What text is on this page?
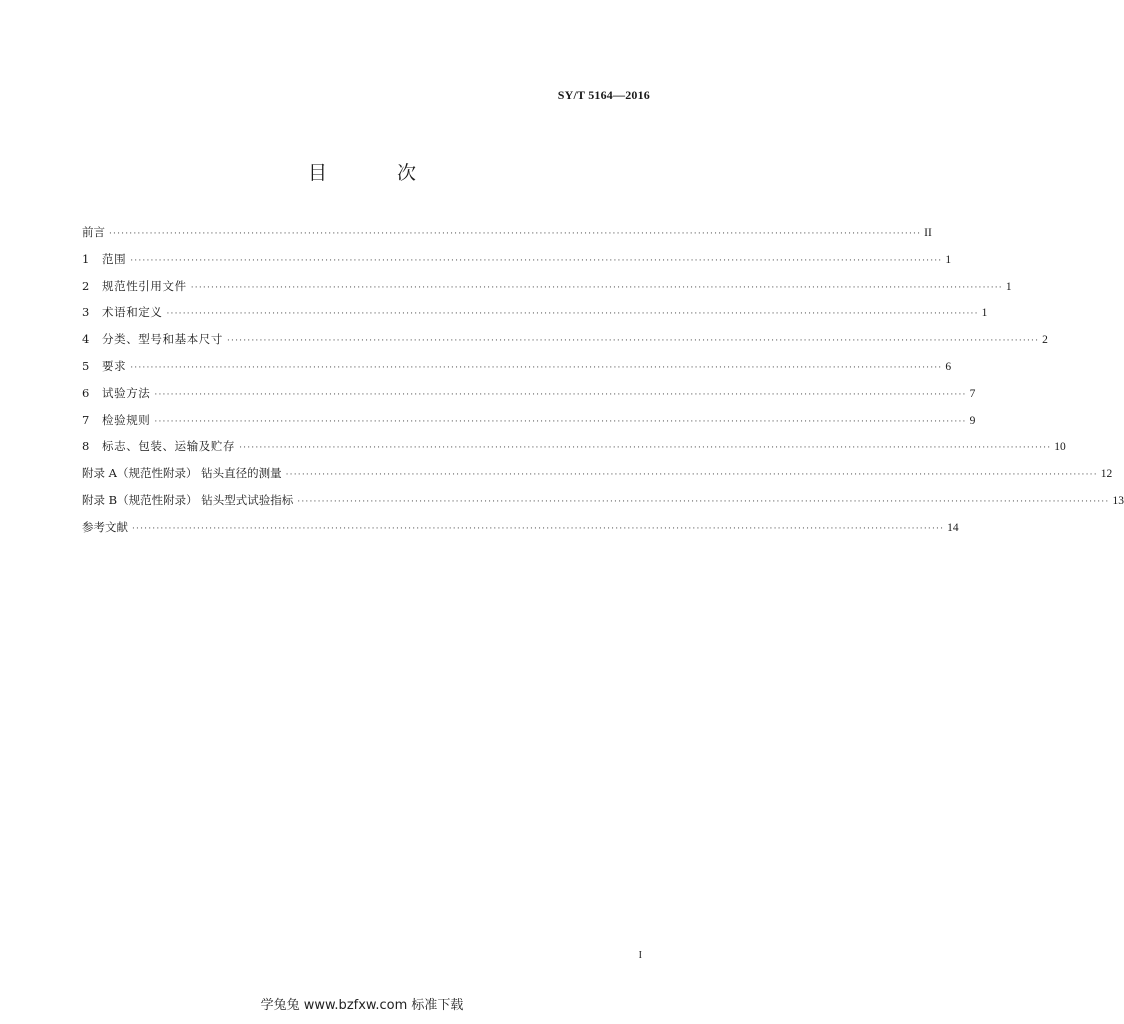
SY/T 5164—2016
目 次
前言 ········································································································································································································ II
1	范围 ········································································································································································································ 1
2	规范性引用文件 ········································································································································································································ 1
3	术语和定义 ········································································································································································································ 1
4	分类、型号和基本尺寸 ········································································································································································································ 2
5	要求 ········································································································································································································ 6
6	试验方法 ········································································································································································································ 7
7	检验规则 ········································································································································································································ 9
8	标志、包装、运输及贮存 ········································································································································································································ 10
附录 A（规范性附录） 钻头直径的测量 ········································································································································································································ 12
附录 B（规范性附录） 钻头型式试验指标 ········································································································································································································ 13
参考文献 ········································································································································································································ 14
I
学兔兔 www.bzfxw.com 标准下载
